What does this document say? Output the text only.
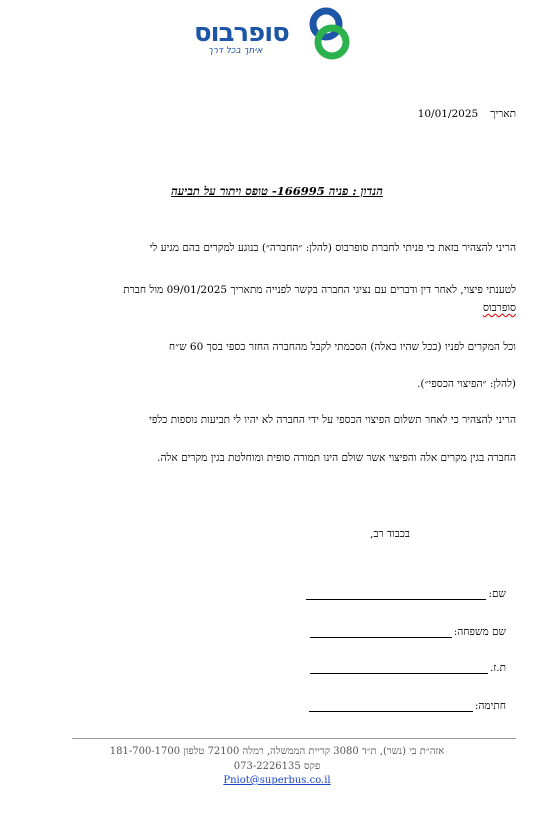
סופרבוס
איתך בכל דרך
תאריך10/01/2025
הנדון : פניה 166995- טופס ויתור על תביעה
הריני להצהיר בזאת כי פניתי לחברת סופרבוס (להלן: ״החברה״) בנוגע למקרים בהם מגיע לי
לטענתי פיצוי, לאחר דין ודברים עם נציגי החברה בקשר לפנייה מתאריך 09/01/2025 מול חברת
סופרבוס
וכל המקרים לפניו (ככל שהיו כאלה) הסכמתי לקבל מהחברה החזר כספי בסך 60 ש״ח
(להלן: ״הפיצוי הכספי״).
הריני להצהיר כי לאחר תשלום הפיצוי הכספי על ידי החברה לא יהיו לי תביעות נוספות כלפי
החברה בגין מקרים אלה והפיצוי אשר שולם הינו תמורה סופית ומוחלטת בגין מקרים אלה.
בכבוד רב,
שם:
שם משפחה:
ת.ז.
חתימה:
אזה״ת בי (נשר), ת״ד 3080 קריית הממשלה, רמלה 72100 טלפון 181-700-1700
פקס 073-2226135
Pniot@superbus.co.il
